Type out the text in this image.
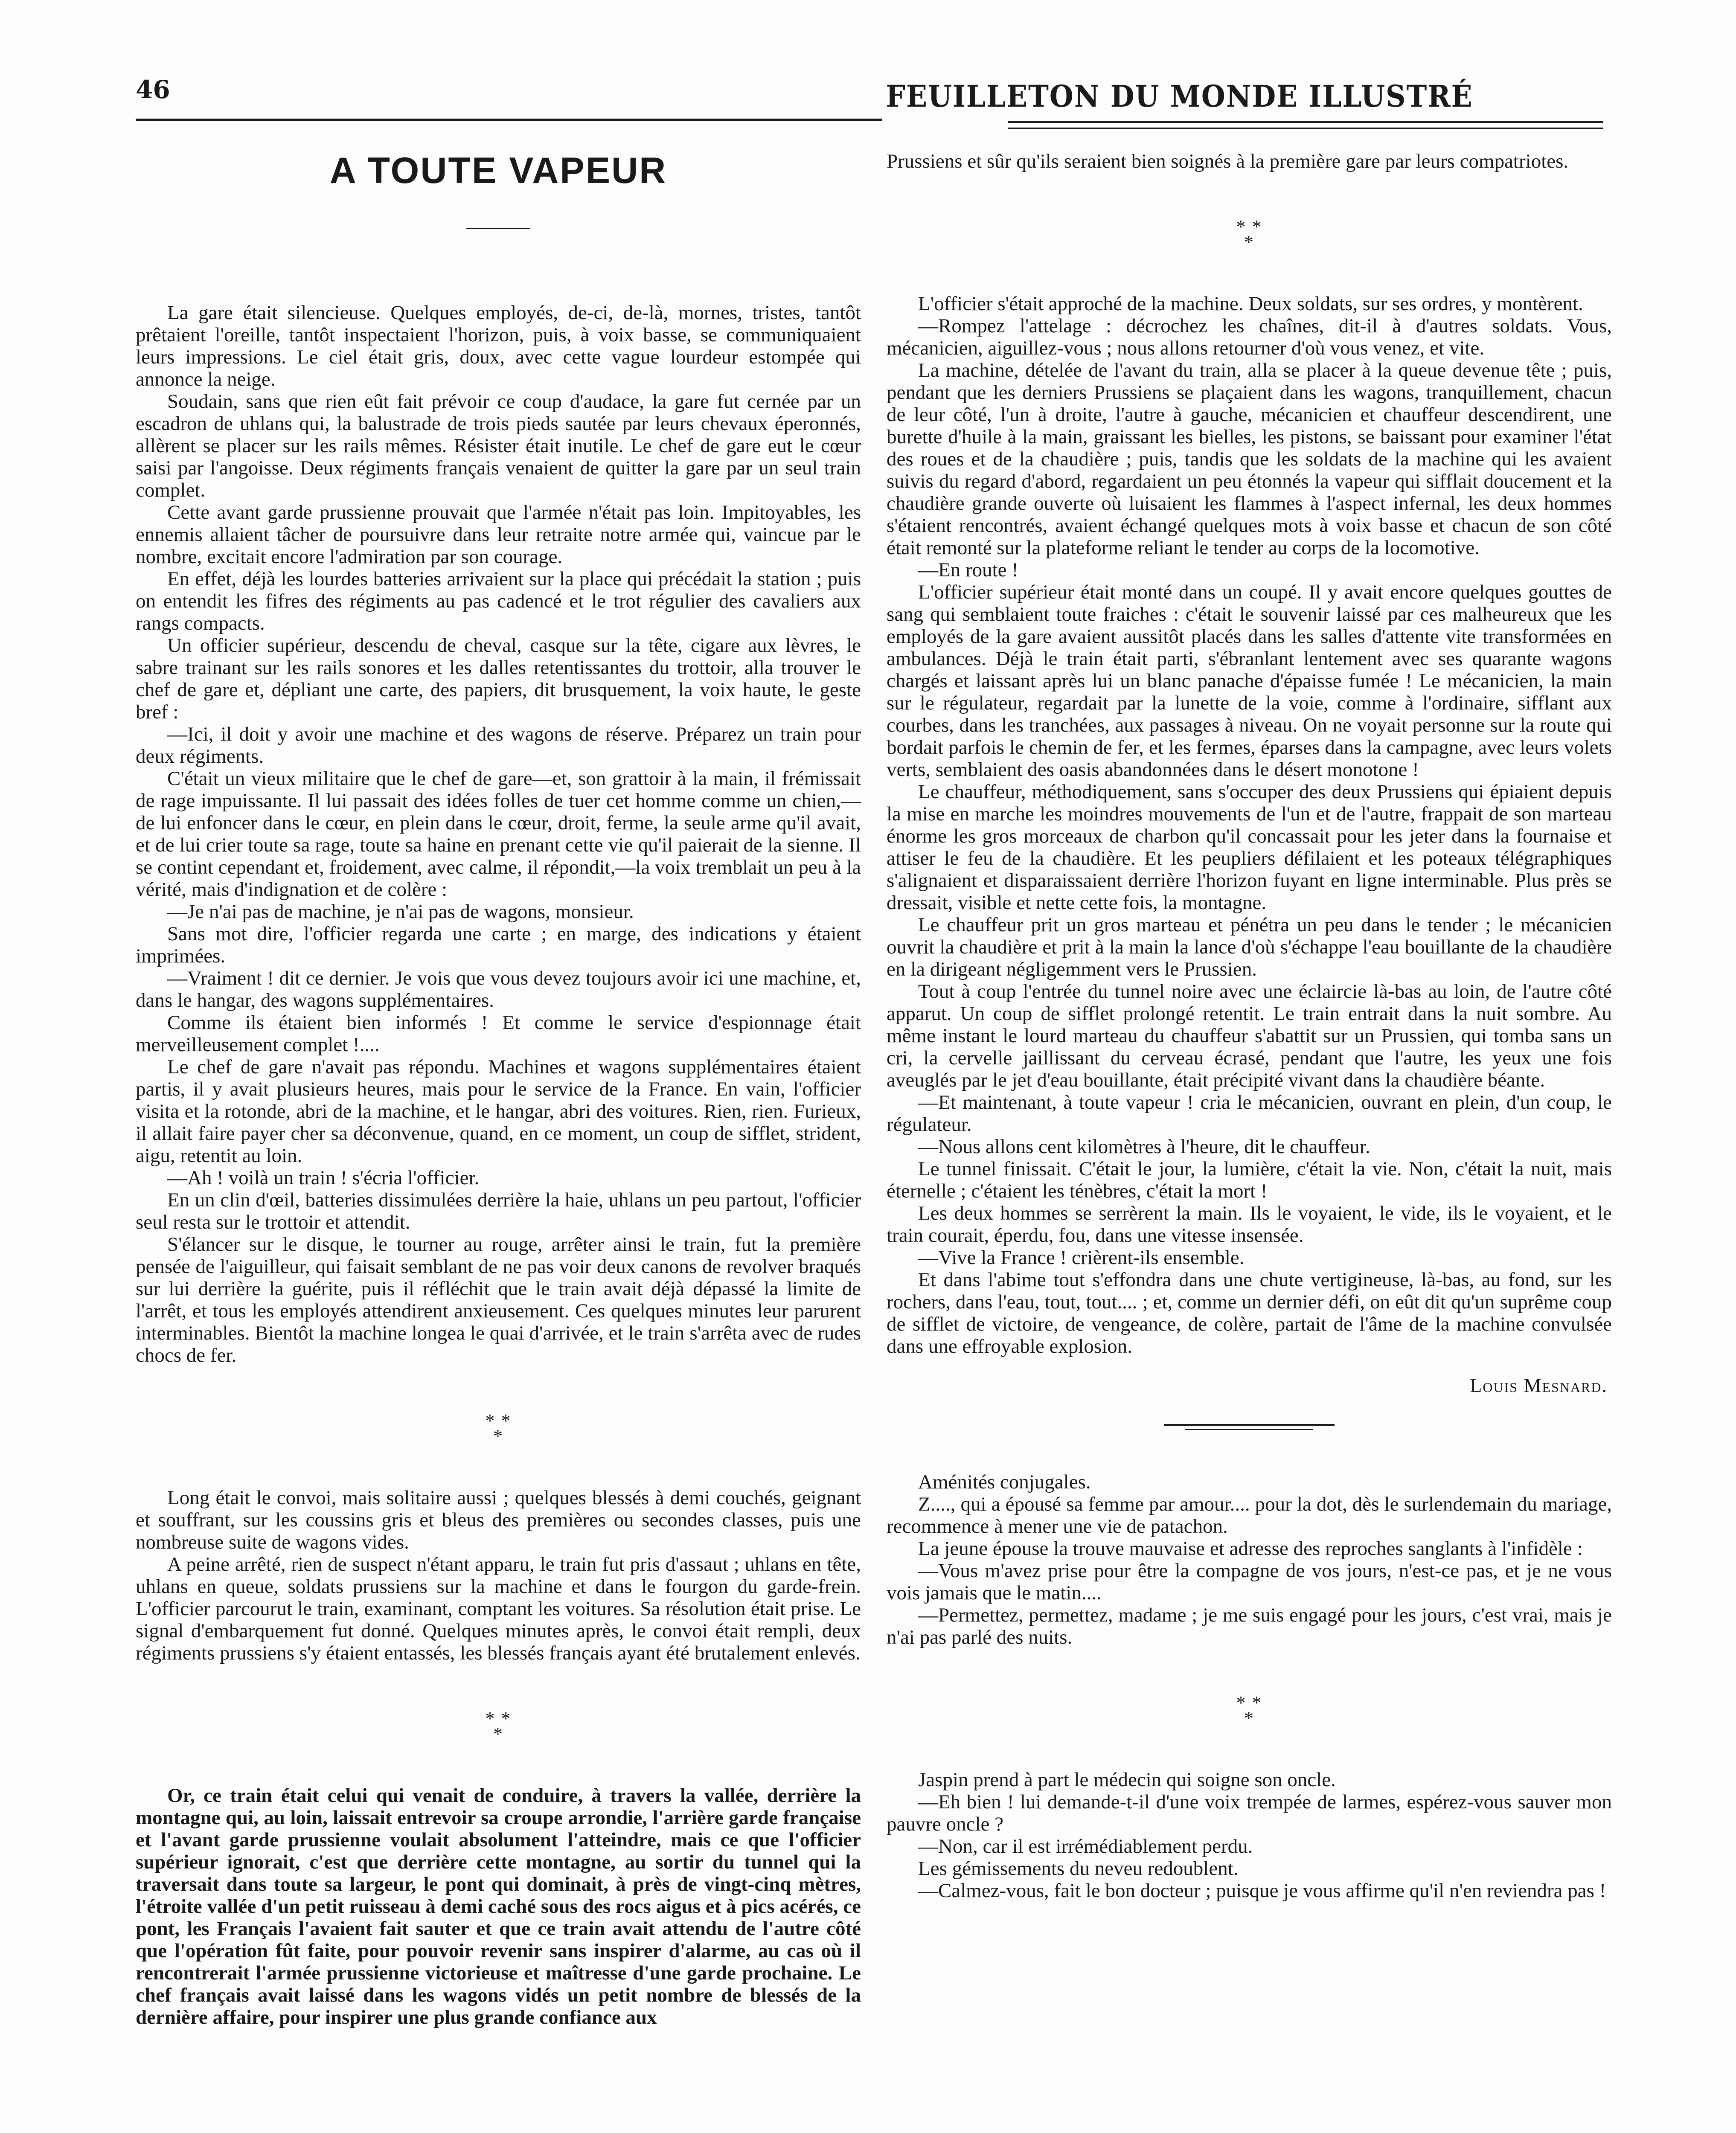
46	FEUILLETON DU MONDE ILLUSTRÉ
A TOUTE VAPEUR

La gare était silencieuse. Quelques employés, de-ci, de-là, mornes, tristes, tantôt prêtaient l'oreille, tantôt inspectaient l'horizon, puis, à voix basse, se communiquaient leurs impressions. Le ciel était gris, doux, avec cette vague lourdeur estompée qui annonce la neige.

Soudain, sans que rien eût fait prévoir ce coup d'audace, la gare fut cernée par un escadron de uhlans qui, la balustrade de trois pieds sautée par leurs chevaux éperonnés, allèrent se placer sur les rails mêmes. Résister était inutile. Le chef de gare eut le cœur saisi par l'angoisse. Deux régiments français venaient de quitter la gare par un seul train complet.

Cette avant garde prussienne prouvait que l'armée n'était pas loin. Impitoyables, les ennemis allaient tâcher de poursuivre dans leur retraite notre armée qui, vaincue par le nombre, excitait encore l'admiration par son courage.

En effet, déjà les lourdes batteries arrivaient sur la place qui précédait la station ; puis on entendit les fifres des régiments au pas cadencé et le trot régulier des cavaliers aux rangs compacts.

Un officier supérieur, descendu de cheval, casque sur la tête, cigare aux lèvres, le sabre trainant sur les rails sonores et les dalles retentissantes du trottoir, alla trouver le chef de gare et, dépliant une carte, des papiers, dit brusquement, la voix haute, le geste bref :

—Ici, il doit y avoir une machine et des wagons de réserve. Préparez un train pour deux régiments.

C'était un vieux militaire que le chef de gare—et, son grattoir à la main, il frémissait de rage impuissante. Il lui passait des idées folles de tuer cet homme comme un chien,—de lui enfoncer dans le cœur, en plein dans le cœur, droit, ferme, la seule arme qu'il avait, et de lui crier toute sa rage, toute sa haine en prenant cette vie qu'il paierait de la sienne. Il se contint cependant et, froidement, avec calme, il répondit,—la voix tremblait un peu à la vérité, mais d'indignation et de colère :

—Je n'ai pas de machine, je n'ai pas de wagons, monsieur.

Sans mot dire, l'officier regarda une carte ; en marge, des indications y étaient imprimées.

—Vraiment ! dit ce dernier. Je vois que vous devez toujours avoir ici une machine, et, dans le hangar, des wagons supplémentaires.

Comme ils étaient bien informés ! Et comme le service d'espionnage était merveilleusement complet !....

Le chef de gare n'avait pas répondu. Machines et wagons supplémentaires étaient partis, il y avait plusieurs heures, mais pour le service de la France. En vain, l'officier visita et la rotonde, abri de la machine, et le hangar, abri des voitures. Rien, rien. Furieux, il allait faire payer cher sa déconvenue, quand, en ce moment, un coup de sifflet, strident, aigu, retentit au loin.

—Ah ! voilà un train ! s'écria l'officier.

En un clin d'œil, batteries dissimulées derrière la haie, uhlans un peu partout, l'officier seul resta sur le trottoir et attendit.

S'élancer sur le disque, le tourner au rouge, arrêter ainsi le train, fut la première pensée de l'aiguilleur, qui faisait semblant de ne pas voir deux canons de revolver braqués sur lui derrière la guérite, puis il réfléchit que le train avait déjà dépassé la limite de l'arrêt, et tous les employés attendirent anxieusement. Ces quelques minutes leur parurent interminables. Bientôt la machine longea le quai d'arrivée, et le train s'arrêta avec de rudes chocs de fer.

* *
*

Long était le convoi, mais solitaire aussi ; quelques blessés à demi couchés, geignant et souffrant, sur les coussins gris et bleus des premières ou secondes classes, puis une nombreuse suite de wagons vides.

A peine arrêté, rien de suspect n'étant apparu, le train fut pris d'assaut ; uhlans en tête, uhlans en queue, soldats prussiens sur la machine et dans le fourgon du garde-frein. L'officier parcourut le train, examinant, comptant les voitures. Sa résolution était prise. Le signal d'embarquement fut donné. Quelques minutes après, le convoi était rempli, deux régiments prussiens s'y étaient entassés, les blessés français ayant été brutalement enlevés.

* *
*

Or, ce train était celui qui venait de conduire, à travers la vallée, derrière la montagne qui, au loin, laissait entrevoir sa croupe arrondie, l'arrière garde française et l'avant garde prussienne voulait absolument l'atteindre, mais ce que l'officier supérieur ignorait, c'est que derrière cette montagne, au sortir du tunnel qui la traversait dans toute sa largeur, le pont qui dominait, à près de vingt-cinq mètres, l'étroite vallée d'un petit ruisseau à demi caché sous des rocs aigus et à pics acérés, ce pont, les Français l'avaient fait sauter et que ce train avait attendu de l'autre côté que l'opération fût faite, pour pouvoir revenir sans inspirer d'alarme, au cas où il rencontrerait l'armée prussienne victorieuse et maîtresse d'une garde prochaine. Le chef français avait laissé dans les wagons vidés un petit nombre de blessés de la dernière affaire, pour inspirer une plus grande confiance aux

Prussiens et sûr qu'ils seraient bien soignés à la première gare par leurs compatriotes.

* *
*

L'officier s'était approché de la machine. Deux soldats, sur ses ordres, y montèrent.

—Rompez l'attelage : décrochez les chaînes, dit-il à d'autres soldats. Vous, mécanicien, aiguillez-vous ; nous allons retourner d'où vous venez, et vite.

La machine, dételée de l'avant du train, alla se placer à la queue devenue tête ; puis, pendant que les derniers Prussiens se plaçaient dans les wagons, tranquillement, chacun de leur côté, l'un à droite, l'autre à gauche, mécanicien et chauffeur descendirent, une burette d'huile à la main, graissant les bielles, les pistons, se baissant pour examiner l'état des roues et de la chaudière ; puis, tandis que les soldats de la machine qui les avaient suivis du regard d'abord, regardaient un peu étonnés la vapeur qui sifflait doucement et la chaudière grande ouverte où luisaient les flammes à l'aspect infernal, les deux hommes s'étaient rencontrés, avaient échangé quelques mots à voix basse et chacun de son côté était remonté sur la plateforme reliant le tender au corps de la locomotive.

—En route !

L'officier supérieur était monté dans un coupé. Il y avait encore quelques gouttes de sang qui semblaient toute fraiches : c'était le souvenir laissé par ces malheureux que les employés de la gare avaient aussitôt placés dans les salles d'attente vite transformées en ambulances. Déjà le train était parti, s'ébranlant lentement avec ses quarante wagons chargés et laissant après lui un blanc panache d'épaisse fumée ! Le mécanicien, la main sur le régulateur, regardait par la lunette de la voie, comme à l'ordinaire, sifflant aux courbes, dans les tranchées, aux passages à niveau. On ne voyait personne sur la route qui bordait parfois le chemin de fer, et les fermes, éparses dans la campagne, avec leurs volets verts, semblaient des oasis abandonnées dans le désert monotone !

Le chauffeur, méthodiquement, sans s'occuper des deux Prussiens qui épiaient depuis la mise en marche les moindres mouvements de l'un et de l'autre, frappait de son marteau énorme les gros morceaux de charbon qu'il concassait pour les jeter dans la fournaise et attiser le feu de la chaudière. Et les peupliers défilaient et les poteaux télégraphiques s'alignaient et disparaissaient derrière l'horizon fuyant en ligne interminable. Plus près se dressait, visible et nette cette fois, la montagne.

Le chauffeur prit un gros marteau et pénétra un peu dans le tender ; le mécanicien ouvrit la chaudière et prit à la main la lance d'où s'échappe l'eau bouillante de la chaudière en la dirigeant négligemment vers le Prussien.

Tout à coup l'entrée du tunnel noire avec une éclaircie là-bas au loin, de l'autre côté apparut. Un coup de sifflet prolongé retentit. Le train entrait dans la nuit sombre. Au même instant le lourd marteau du chauffeur s'abattit sur un Prussien, qui tomba sans un cri, la cervelle jaillissant du cerveau écrasé, pendant que l'autre, les yeux une fois aveuglés par le jet d'eau bouillante, était précipité vivant dans la chaudière béante.

—Et maintenant, à toute vapeur ! cria le mécanicien, ouvrant en plein, d'un coup, le régulateur.

—Nous allons cent kilomètres à l'heure, dit le chauffeur.

Le tunnel finissait. C'était le jour, la lumière, c'était la vie. Non, c'était la nuit, mais éternelle ; c'étaient les ténèbres, c'était la mort !

Les deux hommes se serrèrent la main. Ils le voyaient, le vide, ils le voyaient, et le train courait, éperdu, fou, dans une vitesse insensée.

—Vive la France ! crièrent-ils ensemble.

Et dans l'abime tout s'effondra dans une chute vertigineuse, là-bas, au fond, sur les rochers, dans l'eau, tout, tout.... ; et, comme un dernier défi, on eût dit qu'un suprême coup de sifflet de victoire, de vengeance, de colère, partait de l'âme de la machine convulsée dans une effroyable explosion.

Louis Mesnard.

Aménités conjugales.

Z...., qui a épousé sa femme par amour.... pour la dot, dès le surlendemain du mariage, recommence à mener une vie de patachon.

La jeune épouse la trouve mauvaise et adresse des reproches sanglants à l'infidèle :

—Vous m'avez prise pour être la compagne de vos jours, n'est-ce pas, et je ne vous vois jamais que le matin....

—Permettez, permettez, madame ; je me suis engagé pour les jours, c'est vrai, mais je n'ai pas parlé des nuits.

* *
*

Jaspin prend à part le médecin qui soigne son oncle.

—Eh bien ! lui demande-t-il d'une voix trempée de larmes, espérez-vous sauver mon pauvre oncle ?

—Non, car il est irrémédiablement perdu.

Les gémissements du neveu redoublent.

—Calmez-vous, fait le bon docteur ; puisque je vous affirme qu'il n'en reviendra pas !
